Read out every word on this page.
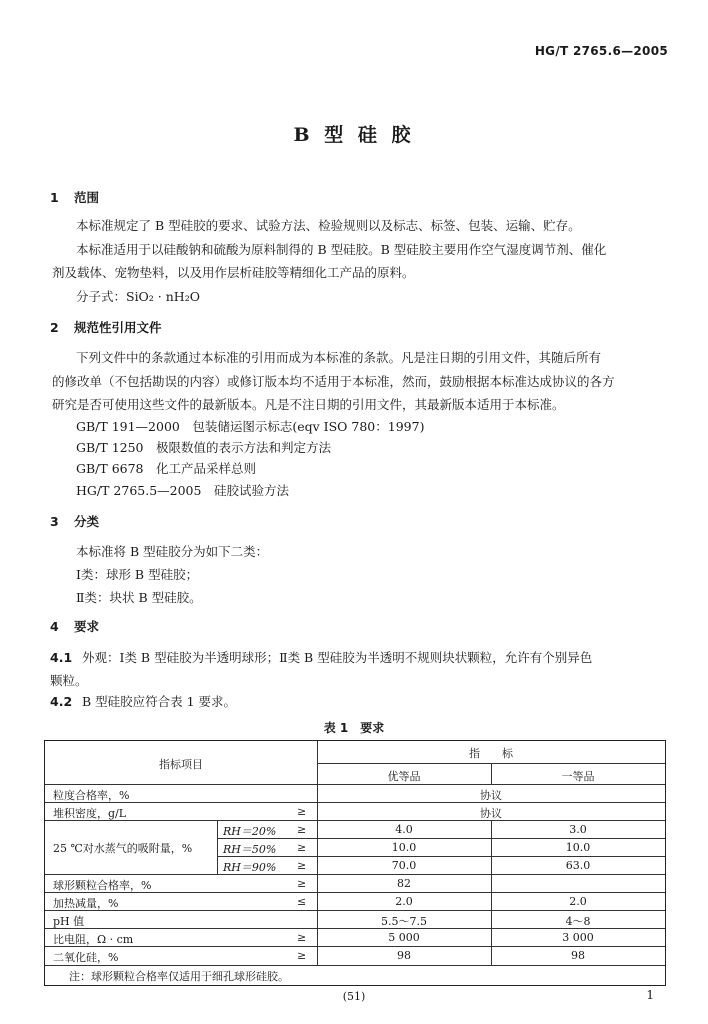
HG/T 2765.6—2005
B 型 硅 胶
1 范围
本标准规定了 B 型硅胶的要求、试验方法、检验规则以及标志、标签、包装、运输、贮存。
本标准适用于以硅酸钠和硫酸为原料制得的 B 型硅胶。B 型硅胶主要用作空气湿度调节剂、催化
剂及载体、宠物垫料，以及用作层析硅胶等精细化工产品的原料。
分子式：SiO₂ · nH₂O
2 规范性引用文件
下列文件中的条款通过本标准的引用而成为本标准的条款。凡是注日期的引用文件，其随后所有
的修改单（不包括勘误的内容）或修订版本均不适用于本标准，然而，鼓励根据本标准达成协议的各方
研究是否可使用这些文件的最新版本。凡是不注日期的引用文件，其最新版本适用于本标准。
GB/T 191—2000　包装储运图示标志(eqv ISO 780：1997)
GB/T 1250　极限数值的表示方法和判定方法
GB/T 6678　化工产品采样总则
HG/T 2765.5—2005　硅胶试验方法
3 分类
本标准将 B 型硅胶分为如下二类：
Ⅰ类：球形 B 型硅胶；
Ⅱ类：块状 B 型硅胶。
4 要求
4.1 外观：Ⅰ类 B 型硅胶为半透明球形；Ⅱ类 B 型硅胶为半透明不规则块状颗粒，允许有个别异色
颗粒。
4.2 B 型硅胶应符合表 1 要求。
表 1　要求
指标项目
指　　标
优等品	一等品
粒度合格率，%	协议
堆积密度，g/L	≥	协议
25 ℃对水蒸气的吸附量，%
RH＝20% ≥	4.0	3.0
RH＝50% ≥	10.0	10.0
RH＝90% ≥	70.0	63.0
球形颗粒合格率，%	≥	82
加热减量，%	≤	2.0	2.0
pH 值	5.5～7.5	4～8
比电阻，Ω · cm	≥	5 000	3 000
二氧化硅，%	≥	98	98
注：球形颗粒合格率仅适用于细孔球形硅胶。
(51)	1
